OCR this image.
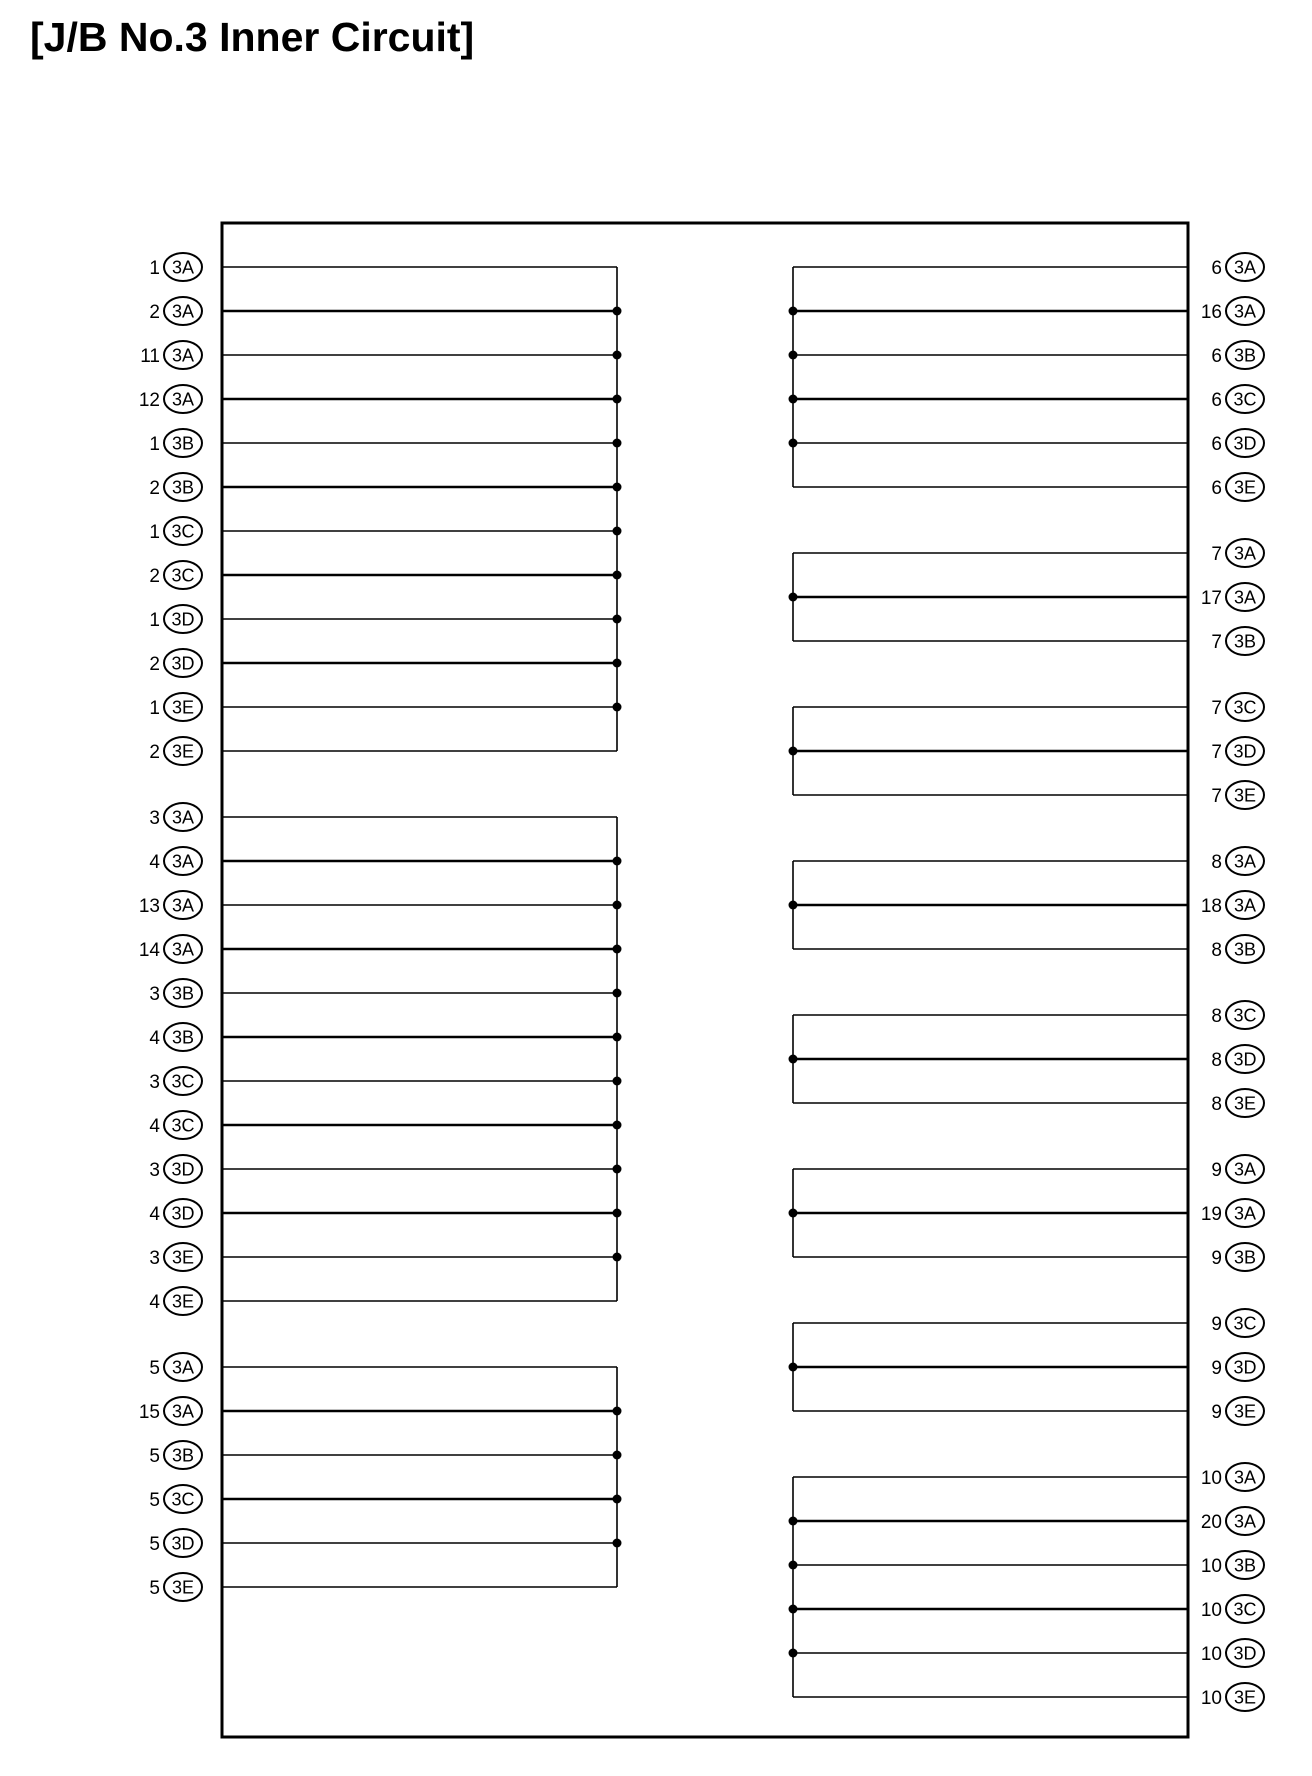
[J/B No.3 Inner Circuit]
1 3A
2 3A
11 3A
12 3A
1 3B
2 3B
1 3C
2 3C
1 3D
2 3D
1 3E
2 3E
3 3A
4 3A
13 3A
14 3A
3 3B
4 3B
3 3C
4 3C
3 3D
4 3D
3 3E
4 3E
5 3A
15 3A
5 3B
5 3C
5 3D
5 3E
6 3A
16 3A
6 3B
6 3C
6 3D
6 3E
7 3A
17 3A
7 3B
7 3C
7 3D
7 3E
8 3A
18 3A
8 3B
8 3C
8 3D
8 3E
9 3A
19 3A
9 3B
9 3C
9 3D
9 3E
10 3A
20 3A
10 3B
10 3C
10 3D
10 3E
